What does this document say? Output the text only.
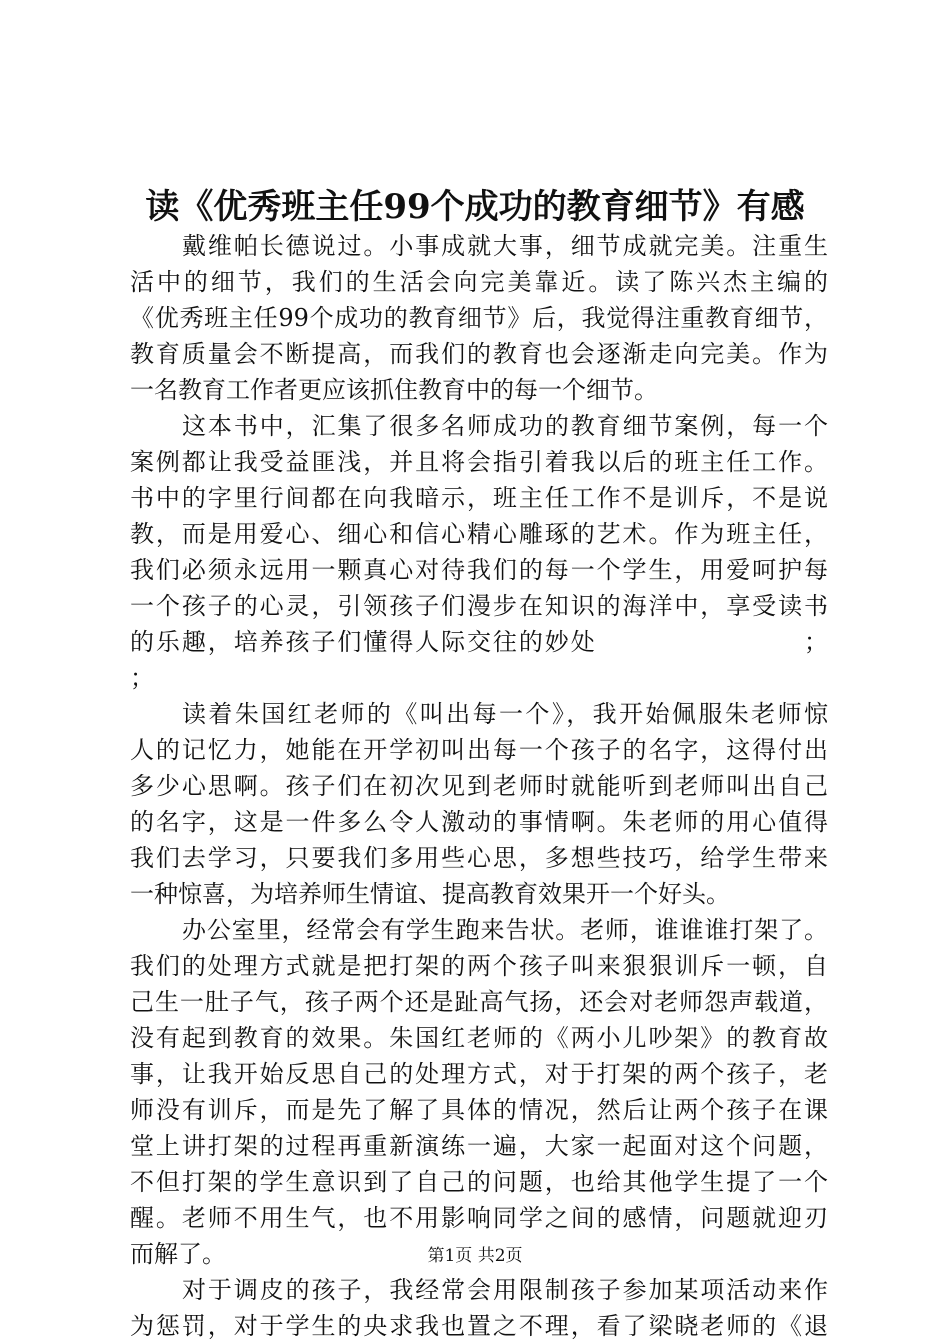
读《优秀班主任99个成功的教育细节》有感
戴维帕长德说过。小事成就大事，细节成就完美。注重生
活中的细节，我们的生活会向完美靠近。读了陈兴杰主编的
《优秀班主任99个成功的教育细节》后，我觉得注重教育细节，
教育质量会不断提高，而我们的教育也会逐渐走向完美。作为
一名教育工作者更应该抓住教育中的每一个细节。
这本书中，汇集了很多名师成功的教育细节案例，每一个
案例都让我受益匪浅，并且将会指引着我以后的班主任工作。
书中的字里行间都在向我暗示，班主任工作不是训斥，不是说
教，而是用爱心、细心和信心精心雕琢的艺术。作为班主任，
我们必须永远用一颗真心对待我们的每一个学生，用爱呵护每
一个孩子的心灵，引领孩子们漫步在知识的海洋中，享受读书
的乐趣，培养孩子们懂得人际交往的妙处　　　　　　　　；
；
读着朱国红老师的《叫出每一个》，我开始佩服朱老师惊
人的记忆力，她能在开学初叫出每一个孩子的名字，这得付出
多少心思啊。孩子们在初次见到老师时就能听到老师叫出自己
的名字，这是一件多么令人激动的事情啊。朱老师的用心值得
我们去学习，只要我们多用些心思，多想些技巧，给学生带来
一种惊喜，为培养师生情谊、提高教育效果开一个好头。
办公室里，经常会有学生跑来告状。老师，谁谁谁打架了。
我们的处理方式就是把打架的两个孩子叫来狠狠训斥一顿，自
己生一肚子气，孩子两个还是趾高气扬，还会对老师怨声载道，
没有起到教育的效果。朱国红老师的《两小儿吵架》的教育故
事，让我开始反思自己的处理方式，对于打架的两个孩子，老
师没有训斥，而是先了解了具体的情况，然后让两个孩子在课
堂上讲打架的过程再重新演练一遍，大家一起面对这个问题，
不但打架的学生意识到了自己的问题，也给其他学生提了一个
醒。老师不用生气，也不用影响同学之间的感情，问题就迎刃
而解了。
对于调皮的孩子，我经常会用限制孩子参加某项活动来作
为惩罚，对于学生的央求我也置之不理，看了梁晓老师的《退
第1页 共2页
